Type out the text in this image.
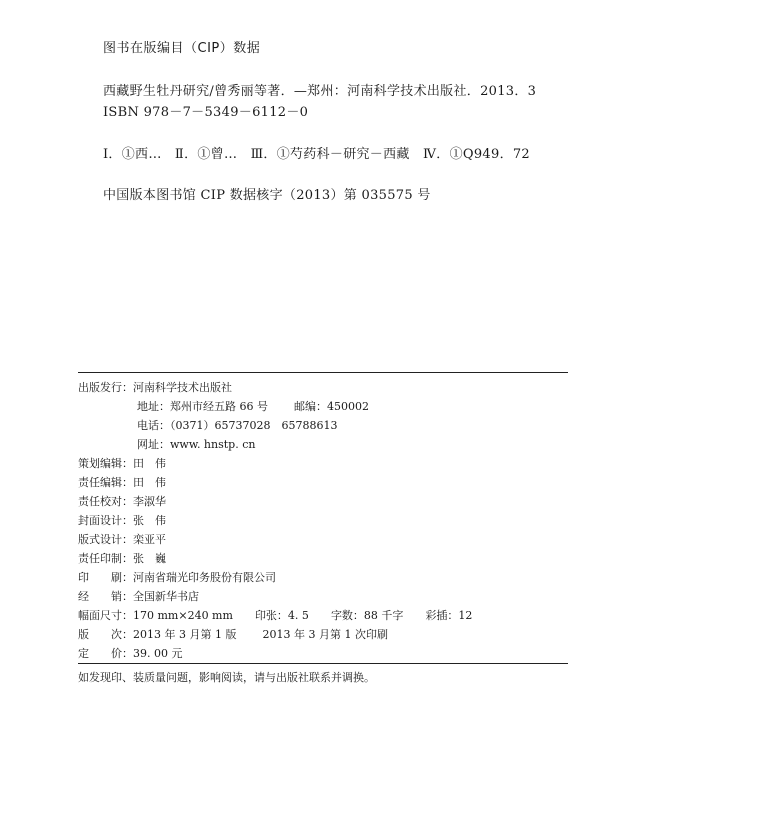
图书在版编目（CIP）数据
西藏野生牡丹研究/曾秀丽等著．—郑州：河南科学技术出版社．2013．3
ISBN 978－7－5349－6112－0
Ⅰ．①西…　Ⅱ．①曾…　Ⅲ．①芍药科－研究－西藏　Ⅳ．①Q949．72
中国版本图书馆 CIP 数据核字（2013）第 035575 号
出版发行：河南科学技术出版社
地址：郑州市经五路 66 号 邮编：450002
电话：（0371）65737028　65788613
网址：www. hnstp. cn
策划编辑：田　伟
责任编辑：田　伟
责任校对：李淑华
封面设计：张　伟
版式设计：栾亚平
责任印制：张　巍
印　　刷：河南省瑞光印务股份有限公司
经　　销：全国新华书店
幅面尺寸：170 mm×240 mm 印张：4. 5 字数：88 千字 彩插：12
版　　次：2013 年 3 月第 1 版 2013 年 3 月第 1 次印刷
定　　价：39. 00 元
如发现印、装质量问题，影响阅读，请与出版社联系并调换。
